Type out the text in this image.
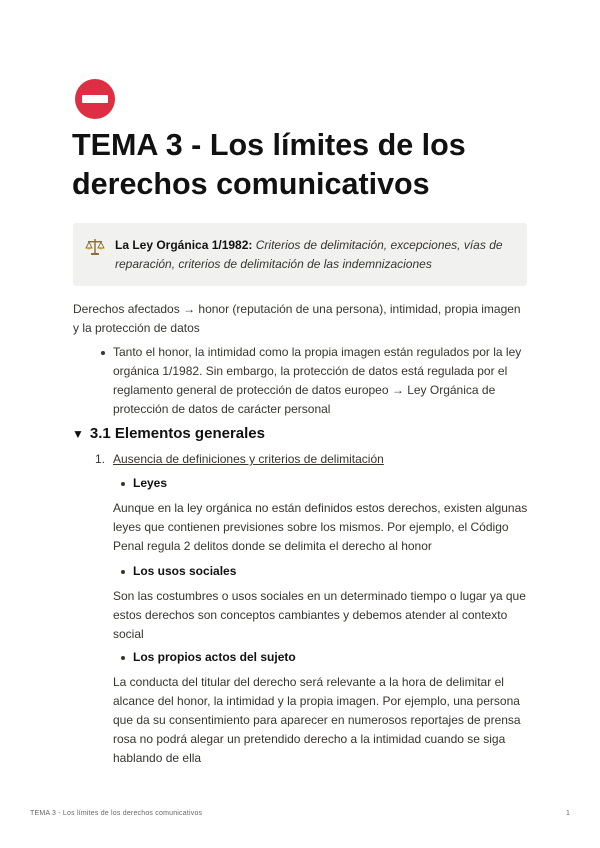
TEMA 3 - Los límites de los derechos comunicativos
La Ley Orgánica 1/1982: Criterios de delimitación, excepciones, vías de reparación, criterios de delimitación de las indemnizaciones

Derechos afectados → honor (reputación de una persona), intimidad, propia imagen y la protección de datos

Tanto el honor, la intimidad como la propia imagen están regulados por la ley orgánica 1/1982. Sin embargo, la protección de datos está regulada por el reglamento general de protección de datos europeo → Ley Orgánica de protección de datos de carácter personal

▼ 3.1 Elementos generales
1. Ausencia de definiciones y criterios de delimitación
Leyes

Aunque en la ley orgánica no están definidos estos derechos, existen algunas leyes que contienen previsiones sobre los mismos. Por ejemplo, el Código Penal regula 2 delitos donde se delimita el derecho al honor

Los usos sociales

Son las costumbres o usos sociales en un determinado tiempo o lugar ya que estos derechos son conceptos cambiantes y debemos atender al contexto social

Los propios actos del sujeto

La conducta del titular del derecho será relevante a la hora de delimitar el alcance del honor, la intimidad y la propia imagen. Por ejemplo, una persona que da su consentimiento para aparecer en numerosos reportajes de prensa rosa no podrá alegar un pretendido derecho a la intimidad cuando se siga hablando de ella

TEMA 3 - Los límites de los derechos comunicativos	1
